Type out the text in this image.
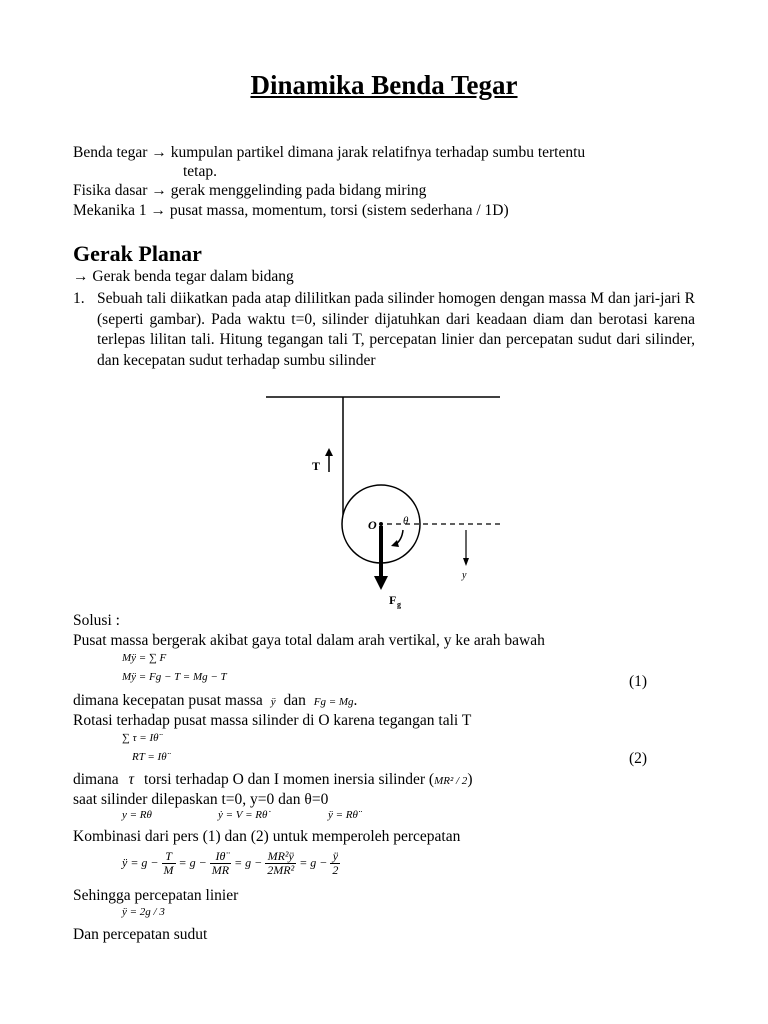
Dinamika Benda Tegar
Benda tegar → kumpulan partikel dimana jarak relatifnya terhadap sumbu tertentu
tetap.
Fisika dasar → gerak menggelinding pada bidang miring
Mekanika 1 → pusat massa, momentum, torsi (sistem sederhana / 1D)
Gerak Planar
→ Gerak benda tegar dalam bidang
1. Sebuah tali diikatkan pada atap dililitkan pada silinder homogen dengan massa M dan jari-jari R (seperti gambar). Pada waktu t=0, silinder dijatuhkan dari keadaan diam dan berotasi karena terlepas lilitan tali. Hitung tegangan tali T, percepatan linier dan percepatan sudut dari silinder, dan kecepatan sudut terhadap sumbu silinder
T
O θ
y
F g
Solusi :
Pusat massa bergerak akibat gaya total dalam arah vertikal, y ke arah bawah
Mÿ = ∑ F
Mÿ = Fg − T = Mg − T	(1)
dimana kecepatan pusat massa ÿ dan Fg = Mg.
Rotasi terhadap pusat massa silinder di O karena tegangan tali T
∑ τ = Iθ̈
RT = Iθ̈	(2)
dimana τ torsi terhadap O dan I momen inersia silinder (MR² / 2)
saat silinder dilepaskan t=0, y=0 dan θ=0
y = Rθ	ẏ = V = Rθ̇	ÿ = Rθ̈
Kombinasi dari pers (1) dan (2) untuk memperoleh percepatan
ÿ = $g - \frac{T}{M} = g - \frac{I\thetä}{MR} = g - \frac{\text{MR²ÿ}}{\text{2MR²}} = g - \frac{ÿ}{2}$
Sehingga percepatan linier
ÿ = 2g / 3
Dan percepatan sudut
